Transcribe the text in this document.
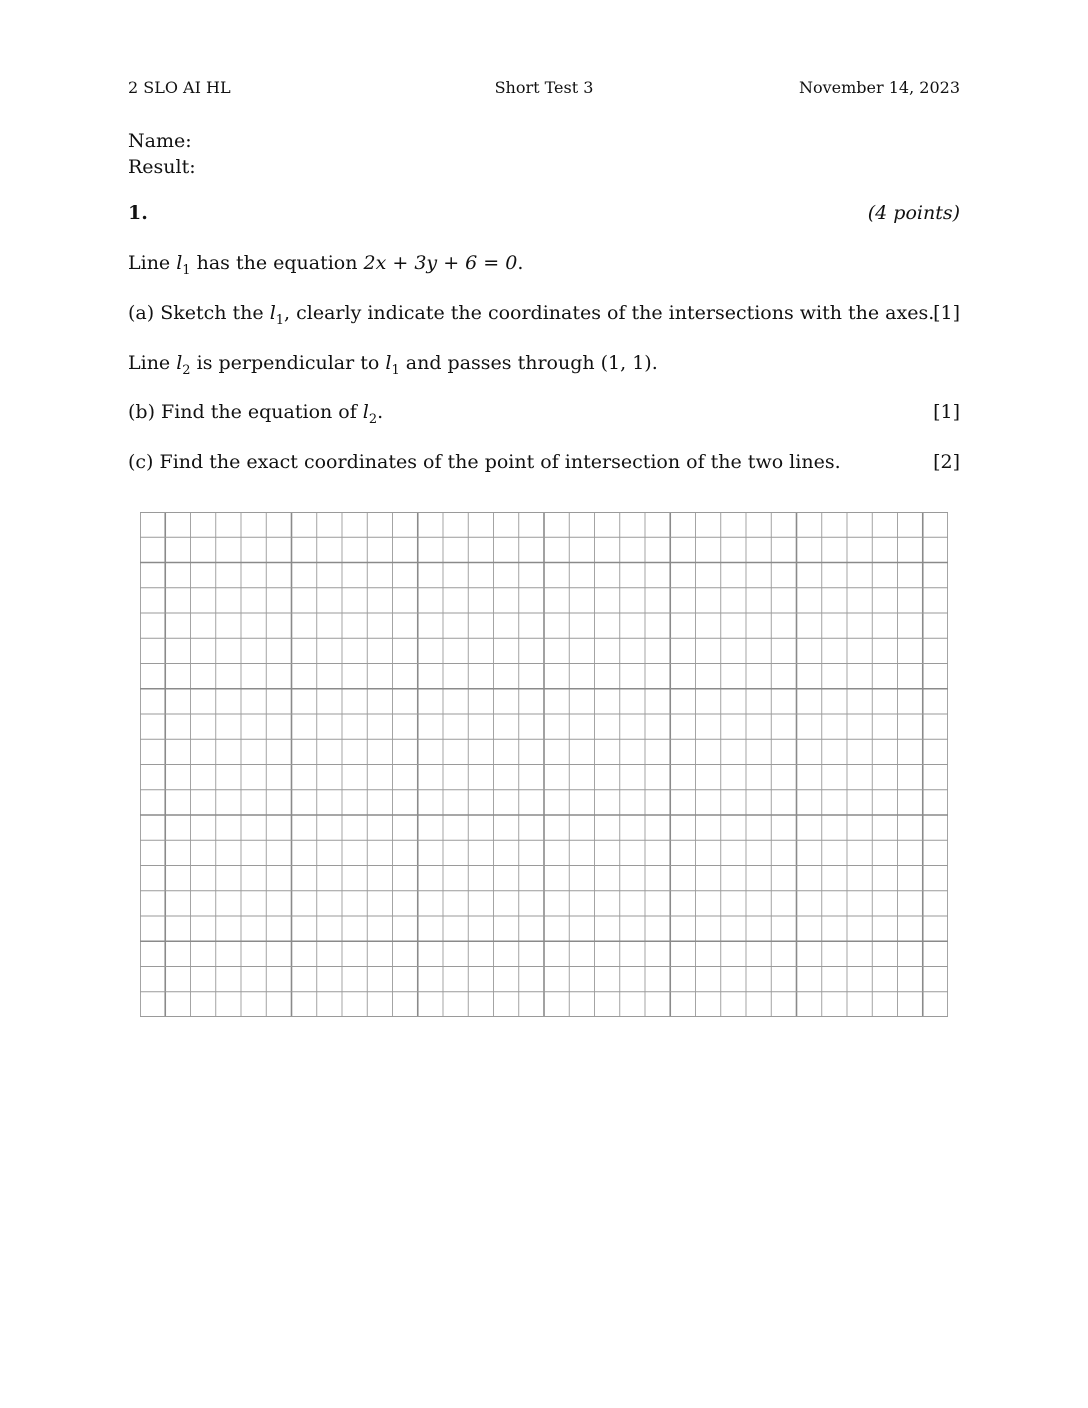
2 SLO AI HL	Short Test 3	November 14, 2023
Name:
Result:
1.	(4 points)
Line $l_1$ has the equation 2x + 3y + 6 = 0.
(a) Sketch the $l_1$, clearly indicate the coordinates of the intersections with the axes.
[1]
Line $l_2$ is perpendicular to $l_1$ and passes through (1, 1).
(b) Find the equation of $l_2$.	[1]
(c) Find the exact coordinates of the point of intersection of the two lines.	[2]
